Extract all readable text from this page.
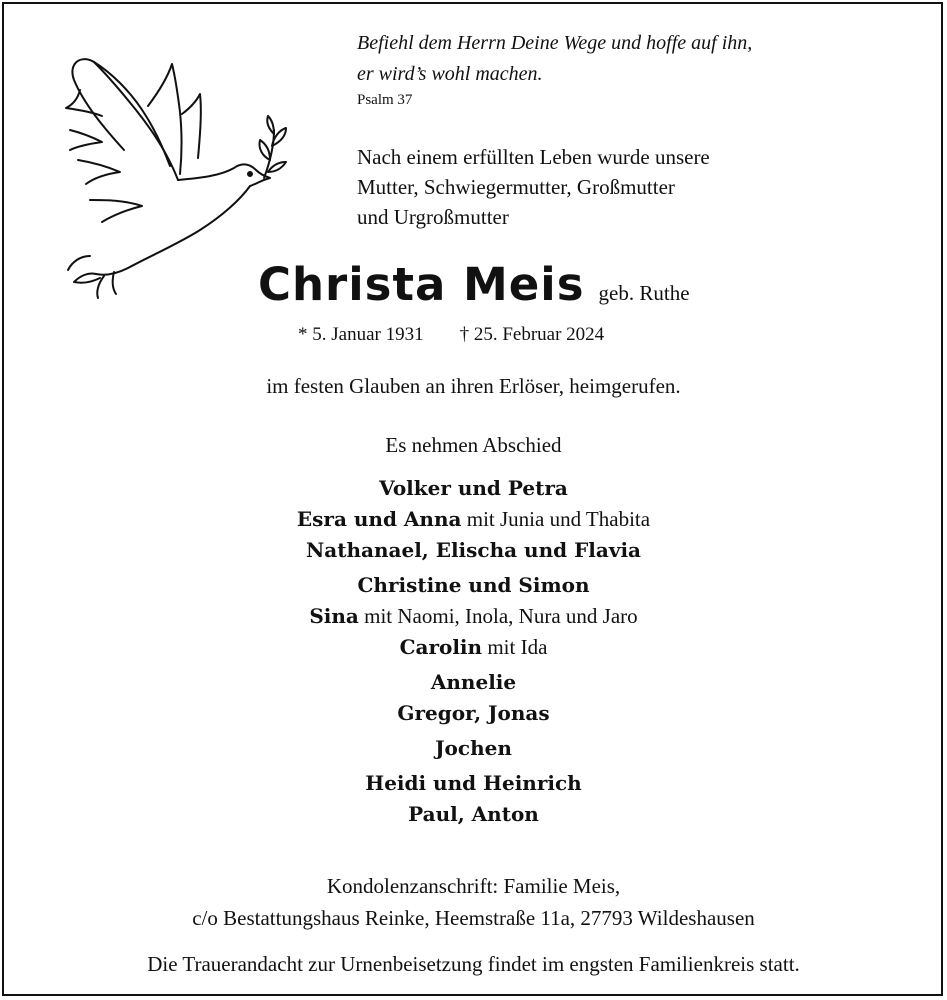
Befiehl dem Herrn Deine Wege und hoffe auf ihn,
er wird’s wohl machen.
Psalm 37
Nach einem erfüllten Leben wurde unsere
Mutter, Schwiegermutter, Großmutter
und Urgroßmutter
Christa Meis geb. Ruthe
* 5. Januar 1931 † 25. Februar 2024
im festen Glauben an ihren Erlöser, heimgerufen.
Es nehmen Abschied
Volker und Petra
Esra und Anna mit Junia und Thabita
Nathanael, Elischa und Flavia
Christine und Simon
Sina mit Naomi, Inola, Nura und Jaro
Carolin mit Ida
Annelie
Gregor, Jonas
Jochen
Heidi und Heinrich
Paul, Anton
Kondolenzanschrift: Familie Meis,
c/o Bestattungshaus Reinke, Heemstraße 11a, 27793 Wildeshausen
Die Trauerandacht zur Urnenbeisetzung findet im engsten Familienkreis statt.
